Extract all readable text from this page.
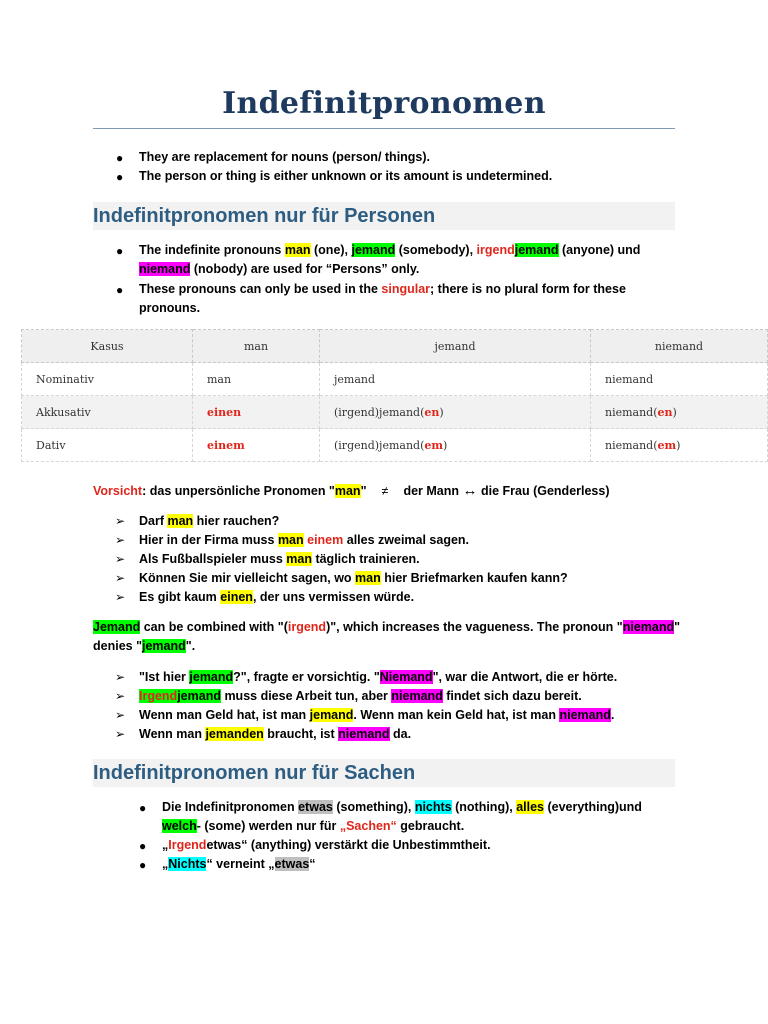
Indefinitpronomen
● They are replacement for nouns (person/ things).
● The person or thing is either unknown or its amount is undetermined.
Indefinitpronomen nur für Personen
● The indefinite pronouns man (one), jemand (somebody), irgendjemand (anyone) und
niemand (nobody) are used for “Persons” only.
● These pronouns can only be used in the singular; there is no plural form for these
pronouns.
Kasus	man	jemand	niemand
Nominativ	man	jemand	niemand
Akkusativ	einen	(irgend)jemand(en)	niemand(en)
Dativ	einem	(irgend)jemand(em)	niemand(em)
Vorsicht: das unpersönliche Pronomen "man" ≠ der Mann ↔ die Frau (Genderless)
➢ Darf man hier rauchen?
➢ Hier in der Firma muss man einem alles zweimal sagen.
➢ Als Fußballspieler muss man täglich trainieren.
➢ Können Sie mir vielleicht sagen, wo man hier Briefmarken kaufen kann?
➢ Es gibt kaum einen, der uns vermissen würde.
Jemand can be combined with "(irgend)", which increases the vagueness. The pronoun "niemand"
denies "jemand".
➢ "Ist hier jemand?", fragte er vorsichtig. "Niemand", war die Antwort, die er hörte.
➢ Irgendjemand muss diese Arbeit tun, aber niemand findet sich dazu bereit.
➢ Wenn man Geld hat, ist man jemand. Wenn man kein Geld hat, ist man niemand.
➢ Wenn man jemanden braucht, ist niemand da.
Indefinitpronomen nur für Sachen
● Die Indefinitpronomen etwas (something), nichts (nothing), alles (everything)und
welch- (some) werden nur für „Sachen“ gebraucht.
● „Irgendetwas“ (anything) verstärkt die Unbestimmtheit.
● „Nichts“ verneint „etwas“
